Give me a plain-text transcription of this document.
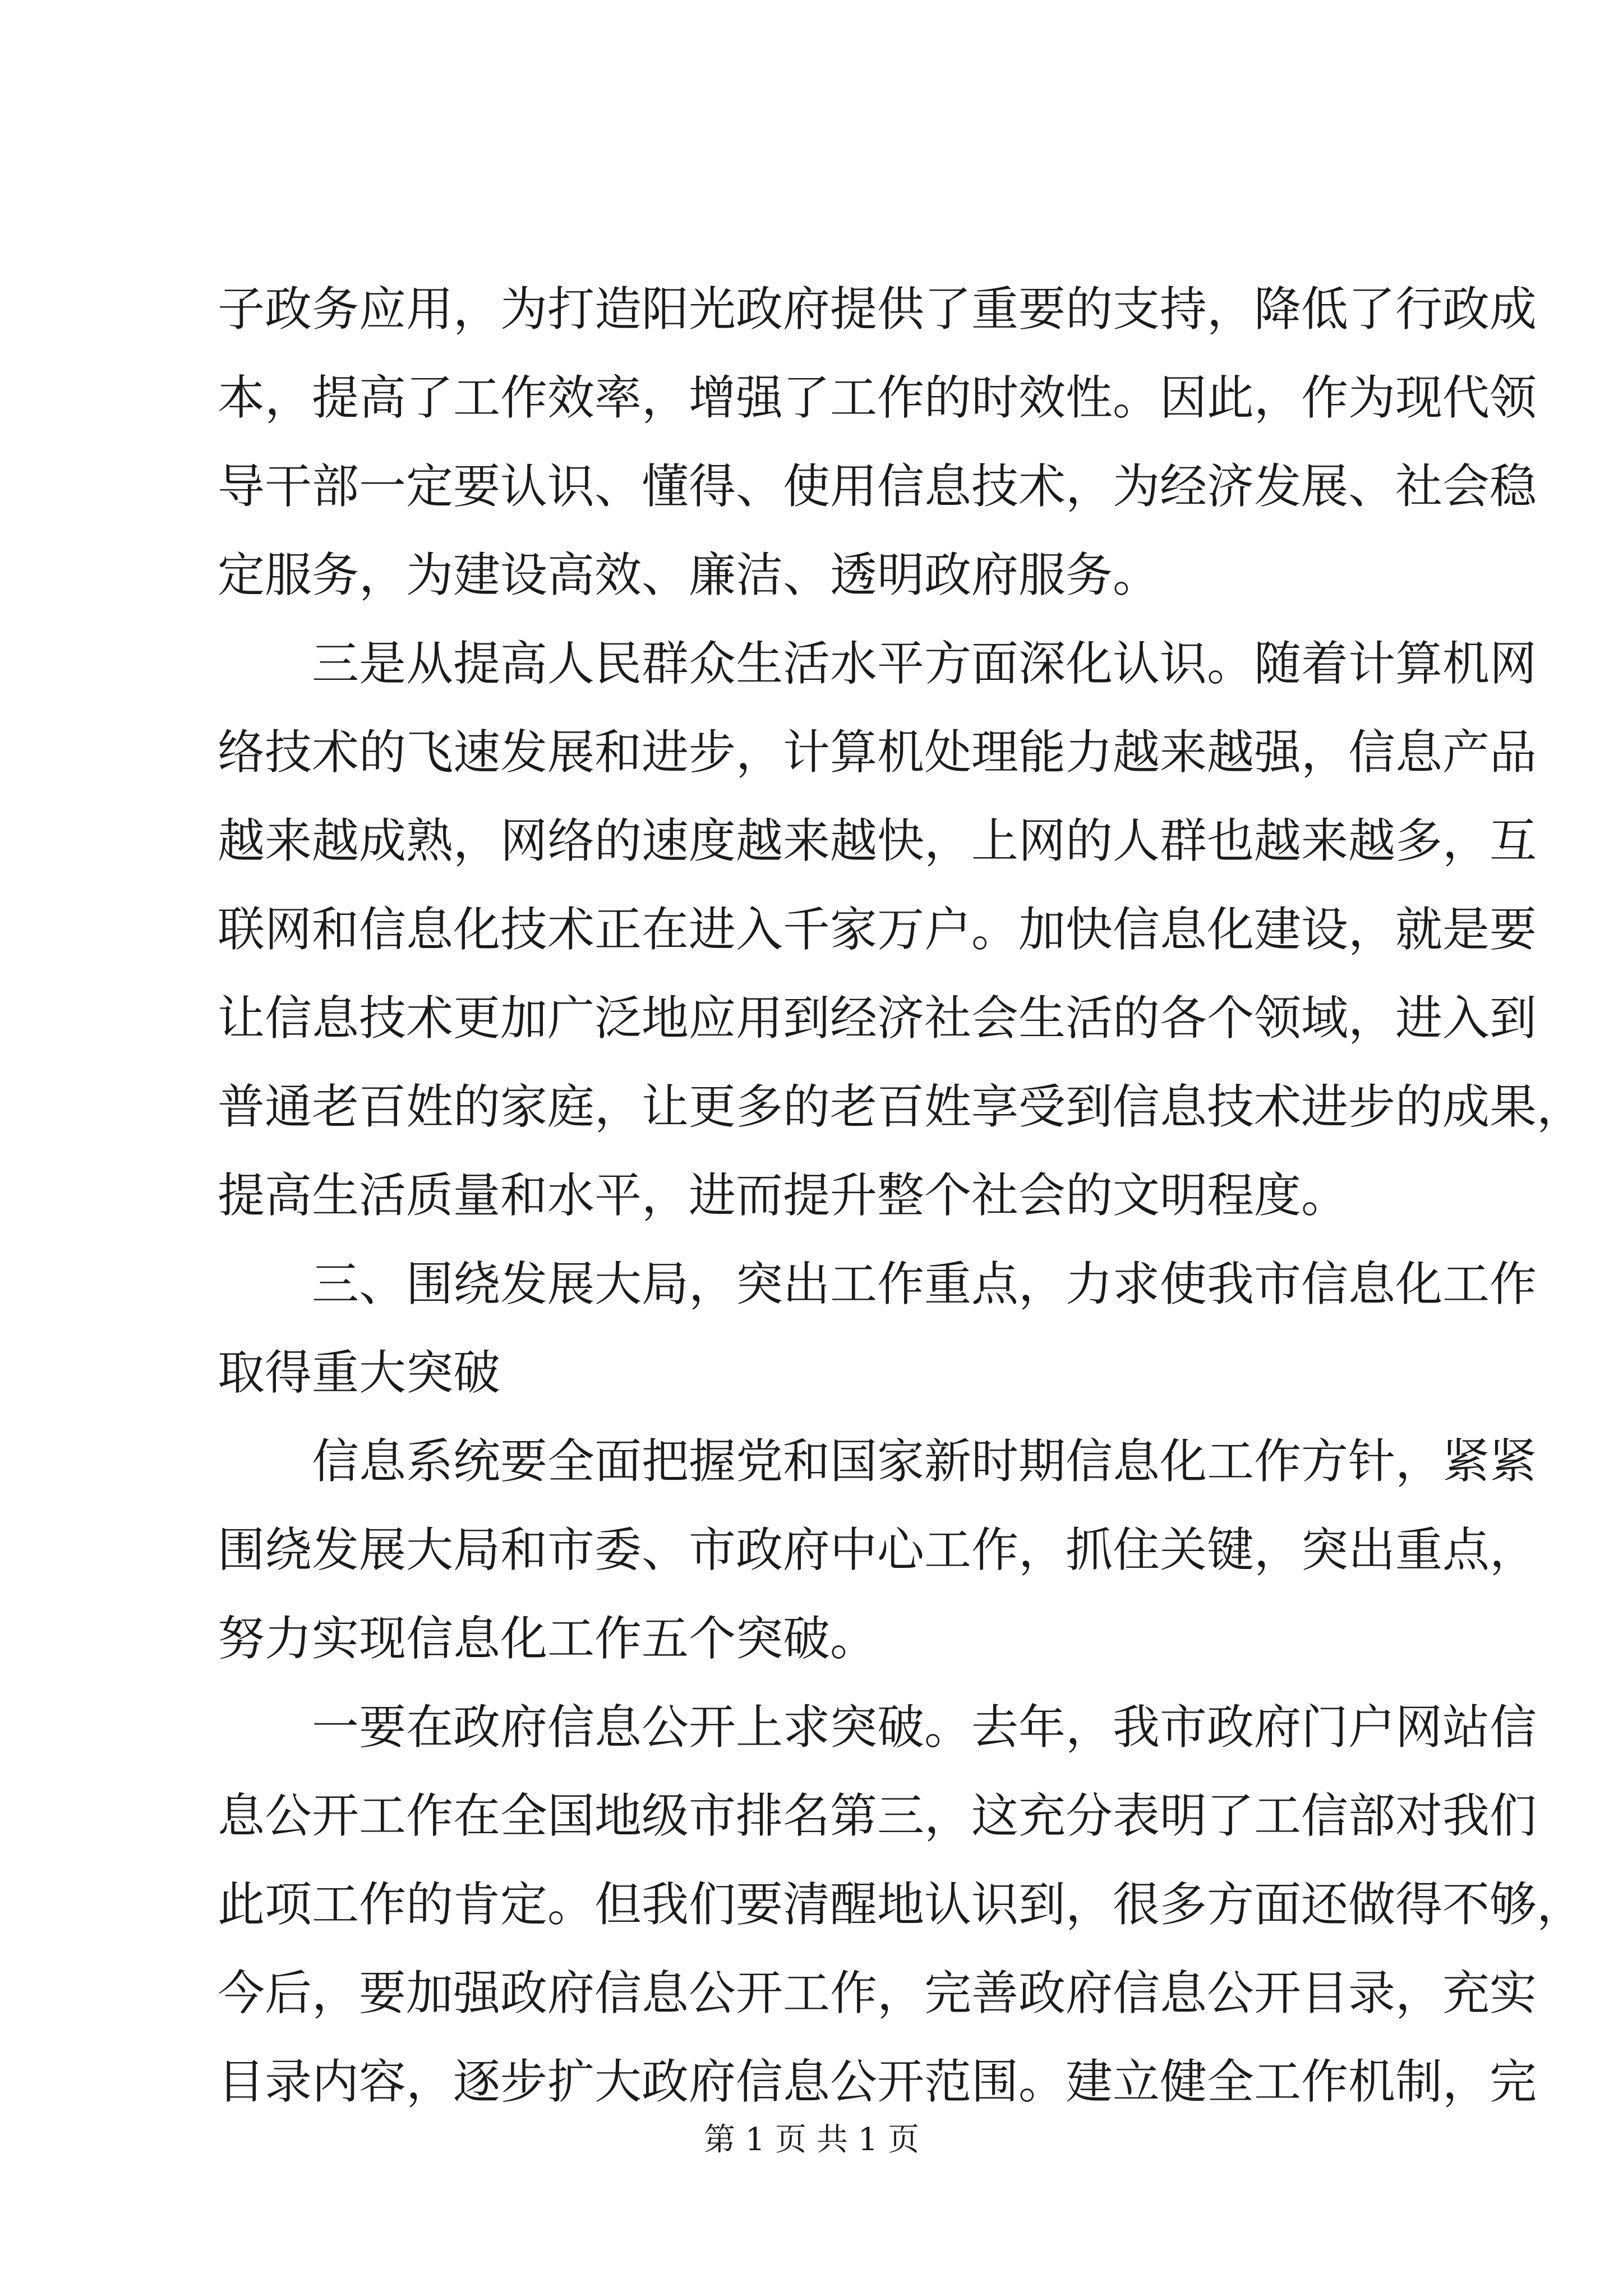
子政务应用，为打造阳光政府提供了重要的支持，降低了行政成
本，提高了工作效率，增强了工作的时效性。因此，作为现代领
导干部一定要认识、懂得、使用信息技术，为经济发展、社会稳
定服务，为建设高效、廉洁、透明政府服务。
三是从提高人民群众生活水平方面深化认识。随着计算机网
络技术的飞速发展和进步，计算机处理能力越来越强，信息产品
越来越成熟，网络的速度越来越快，上网的人群也越来越多，互
联网和信息化技术正在进入千家万户。加快信息化建设，就是要
让信息技术更加广泛地应用到经济社会生活的各个领域，进入到
普通老百姓的家庭，让更多的老百姓享受到信息技术进步的成果，
提高生活质量和水平，进而提升整个社会的文明程度。
三、围绕发展大局，突出工作重点，力求使我市信息化工作
取得重大突破
信息系统要全面把握党和国家新时期信息化工作方针，紧紧
围绕发展大局和市委、市政府中心工作，抓住关键，突出重点，
努力实现信息化工作五个突破。
一要在政府信息公开上求突破。去年，我市政府门户网站信
息公开工作在全国地级市排名第三，这充分表明了工信部对我们
此项工作的肯定。但我们要清醒地认识到，很多方面还做得不够，
今后，要加强政府信息公开工作，完善政府信息公开目录，充实
目录内容，逐步扩大政府信息公开范围。建立健全工作机制，完
第 1 页 共 1 页
